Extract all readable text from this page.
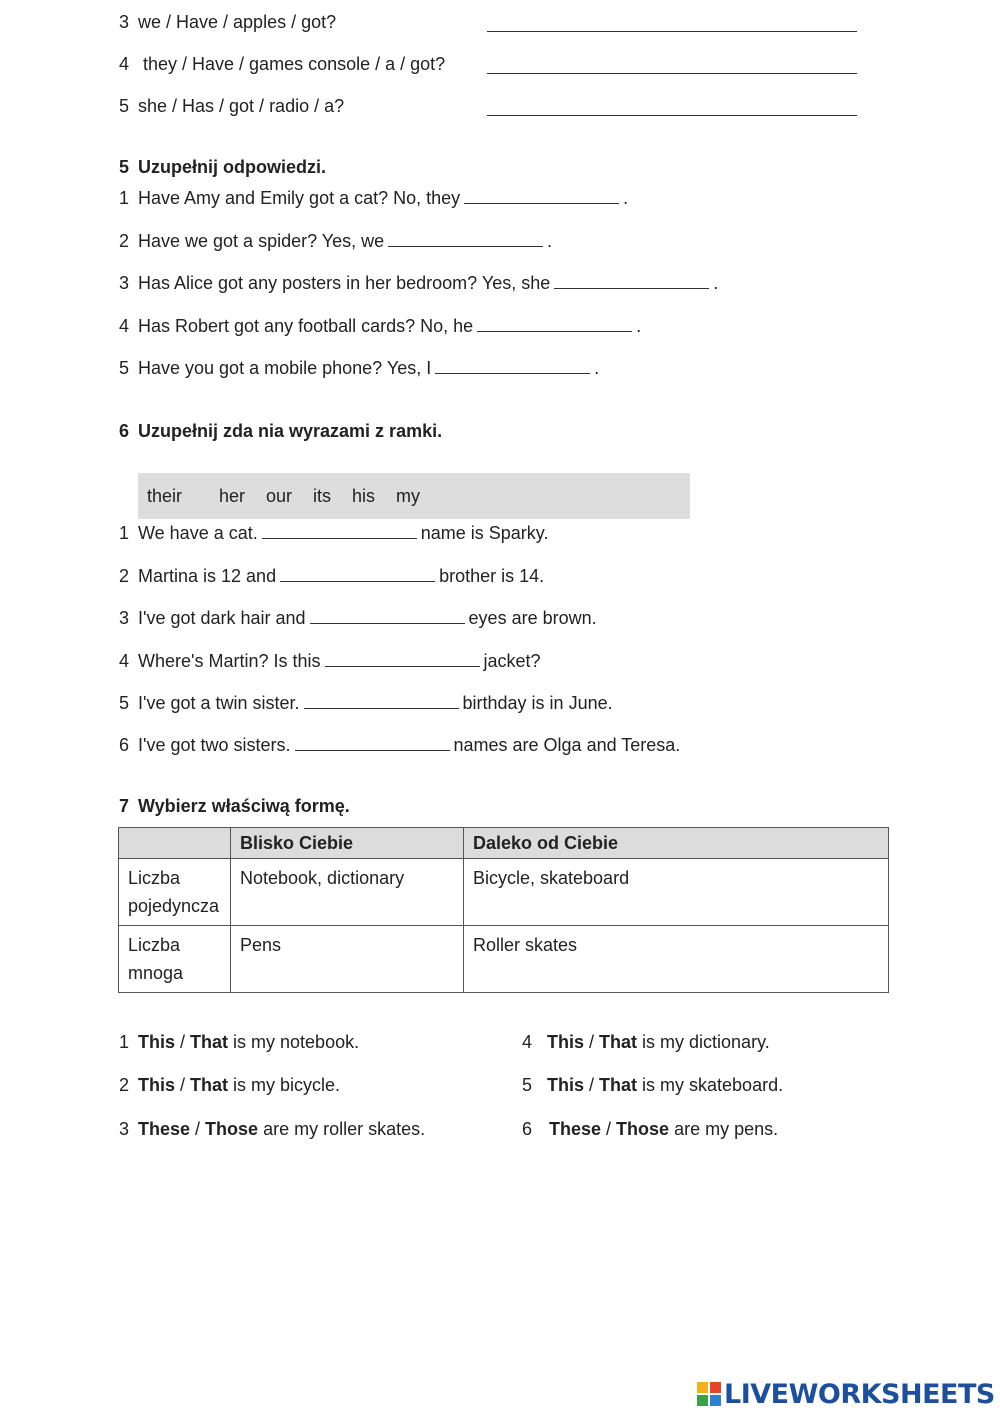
3 we / Have / apples / got?
4 they / Have / games console / a / got?
5 she / Has / got / radio / a?
5 Uzupełnij odpowiedzi.
1 Have Amy and Emily got a cat? No, they	.
2 Have we got a spider? Yes, we	.
3 Has Alice got any posters in her bedroom? Yes, she	.
4 Has Robert got any football cards? No, he	.
5 Have you got a mobile phone? Yes, I	.
6 Uzupełnij zda nia wyrazami z ramki.
their her our its his my
1 We have a cat.	name is Sparky.
2 Martina is 12 and	brother is 14.
3 I've got dark hair and	eyes are brown.
4 Where's Martin? Is this	jacket?
5 I've got a twin sister.	birthday is in June.
6 I've got two sisters.	names are Olga and Teresa.
7 Wybierz właściwą formę.
	Blisko Ciebie	Daleko od Ciebie
Liczba
pojedyncza	Notebook, dictionary	Bicycle, skateboard
Liczba
mnoga	Pens	Roller skates
1 This / That is my notebook.
2 This / That is my bicycle.
3 These / Those are my roller skates.
4 This / That is my dictionary.
5 This / That is my skateboard.
6 These / Those are my pens.
LIVEWORKSHEETS
